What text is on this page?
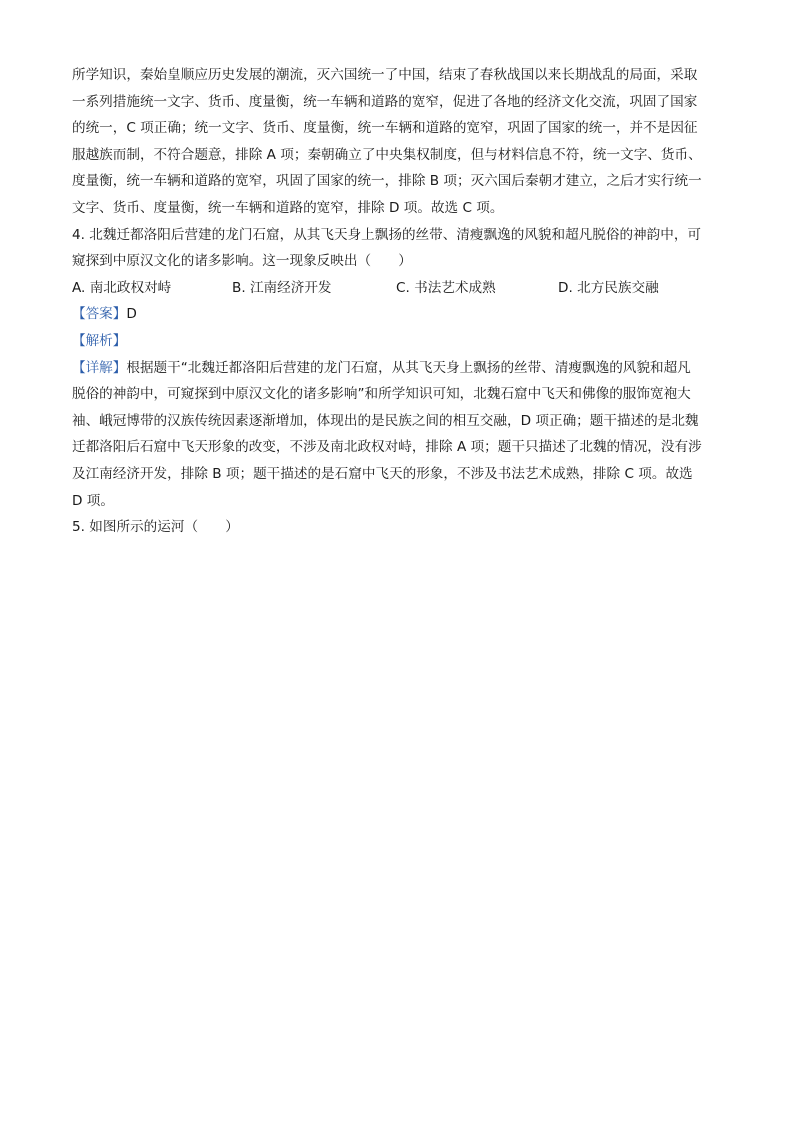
所学知识，秦始皇顺应历史发展的潮流，灭六国统一了中国，结束了春秋战国以来长期战乱的局面，采取
一系列措施统一文字、货币、度量衡，统一车辆和道路的宽窄，促进了各地的经济文化交流，巩固了国家
的统一，C 项正确；统一文字、货币、度量衡，统一车辆和道路的宽窄，巩固了国家的统一，并不是因征
服越族而制，不符合题意，排除 A 项；秦朝确立了中央集权制度，但与材料信息不符，统一文字、货币、
度量衡，统一车辆和道路的宽窄，巩固了国家的统一，排除 B 项；灭六国后秦朝才建立，之后才实行统一
文字、货币、度量衡，统一车辆和道路的宽窄，排除 D 项。故选 C 项。
4. 北魏迁都洛阳后营建的龙门石窟，从其飞天身上飘扬的丝带、清瘦飘逸的风貌和超凡脱俗的神韵中，可
窥探到中原汉文化的诸多影响。这一现象反映出（　　）
A. 南北政权对峙	B. 江南经济开发	C. 书法艺术成熟	D. 北方民族交融
【答案】D
【解析】
【详解】根据题干“北魏迁都洛阳后营建的龙门石窟，从其飞天身上飘扬的丝带、清瘦飘逸的风貌和超凡
脱俗的神韵中，可窥探到中原汉文化的诸多影响”和所学知识可知，北魏石窟中飞天和佛像的服饰宽袍大
袖、峨冠博带的汉族传统因素逐渐增加，体现出的是民族之间的相互交融，D 项正确；题干描述的是北魏
迁都洛阳后石窟中飞天形象的改变，不涉及南北政权对峙，排除 A 项；题干只描述了北魏的情况，没有涉
及江南经济开发，排除 B 项；题干描述的是石窟中飞天的形象，不涉及书法艺术成熟，排除 C 项。故选
D 项。
5. 如图所示的运河（　　）
